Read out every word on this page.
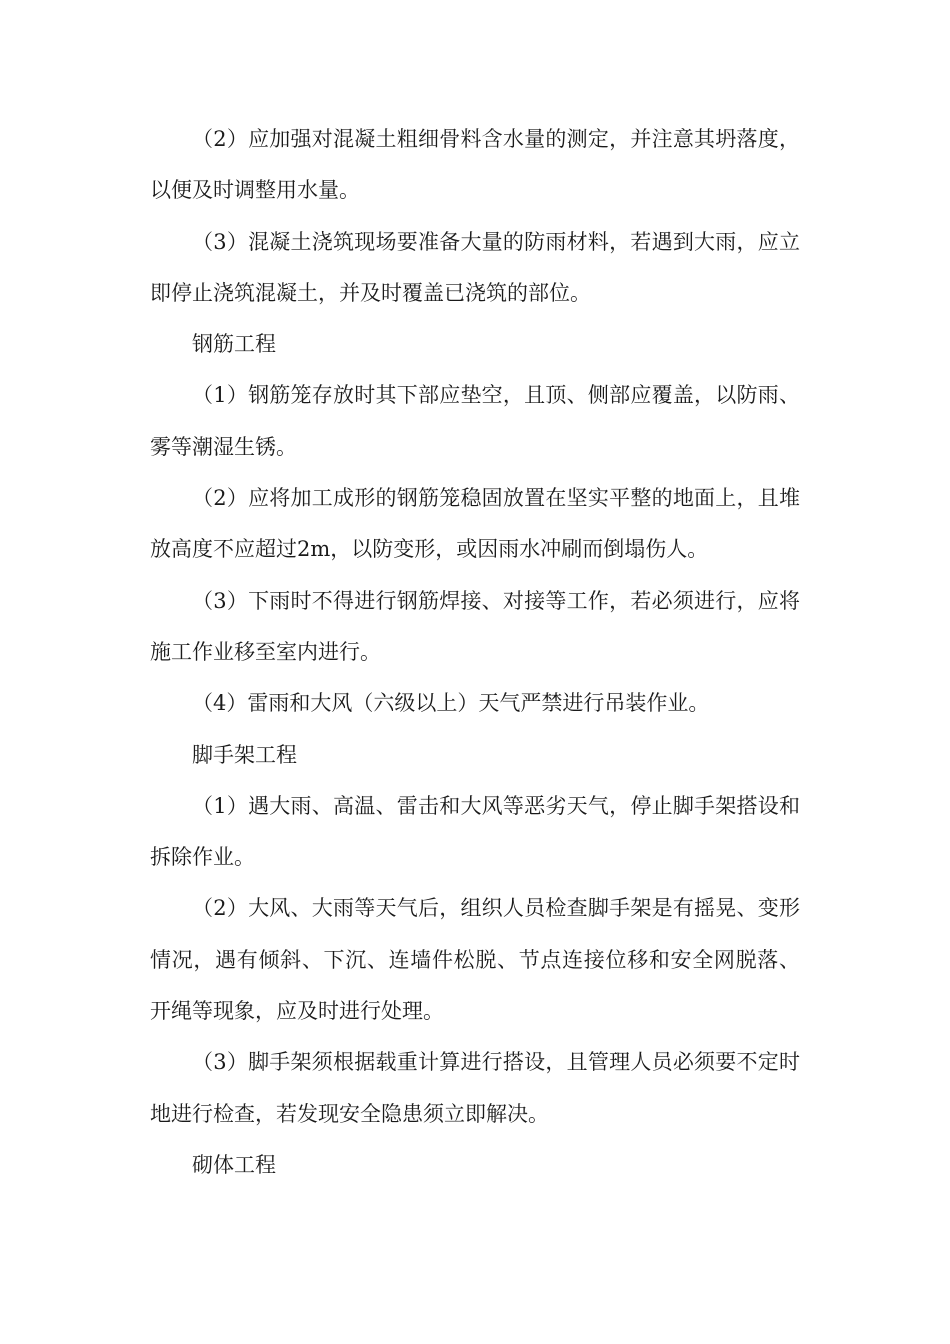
（2）应加强对混凝土粗细骨料含水量的测定，并注意其坍落度，以便及时调整用水量。

（3）混凝土浇筑现场要准备大量的防雨材料，若遇到大雨，应立即停止浇筑混凝土，并及时覆盖已浇筑的部位。

钢筋工程

（1）钢筋笼存放时其下部应垫空，且顶、侧部应覆盖，以防雨、雾等潮湿生锈。

（2）应将加工成形的钢筋笼稳固放置在坚实平整的地面上，且堆放高度不应超过2m，以防变形，或因雨水冲刷而倒塌伤人。

（3）下雨时不得进行钢筋焊接、对接等工作，若必须进行，应将施工作业移至室内进行。

（4）雷雨和大风（六级以上）天气严禁进行吊装作业。

脚手架工程

（1）遇大雨、高温、雷击和大风等恶劣天气，停止脚手架搭设和拆除作业。

（2）大风、大雨等天气后，组织人员检查脚手架是有摇晃、变形情况，遇有倾斜、下沉、连墙件松脱、节点连接位移和安全网脱落、开绳等现象，应及时进行处理。

（3）脚手架须根据载重计算进行搭设，且管理人员必须要不定时地进行检查，若发现安全隐患须立即解决。

砌体工程
